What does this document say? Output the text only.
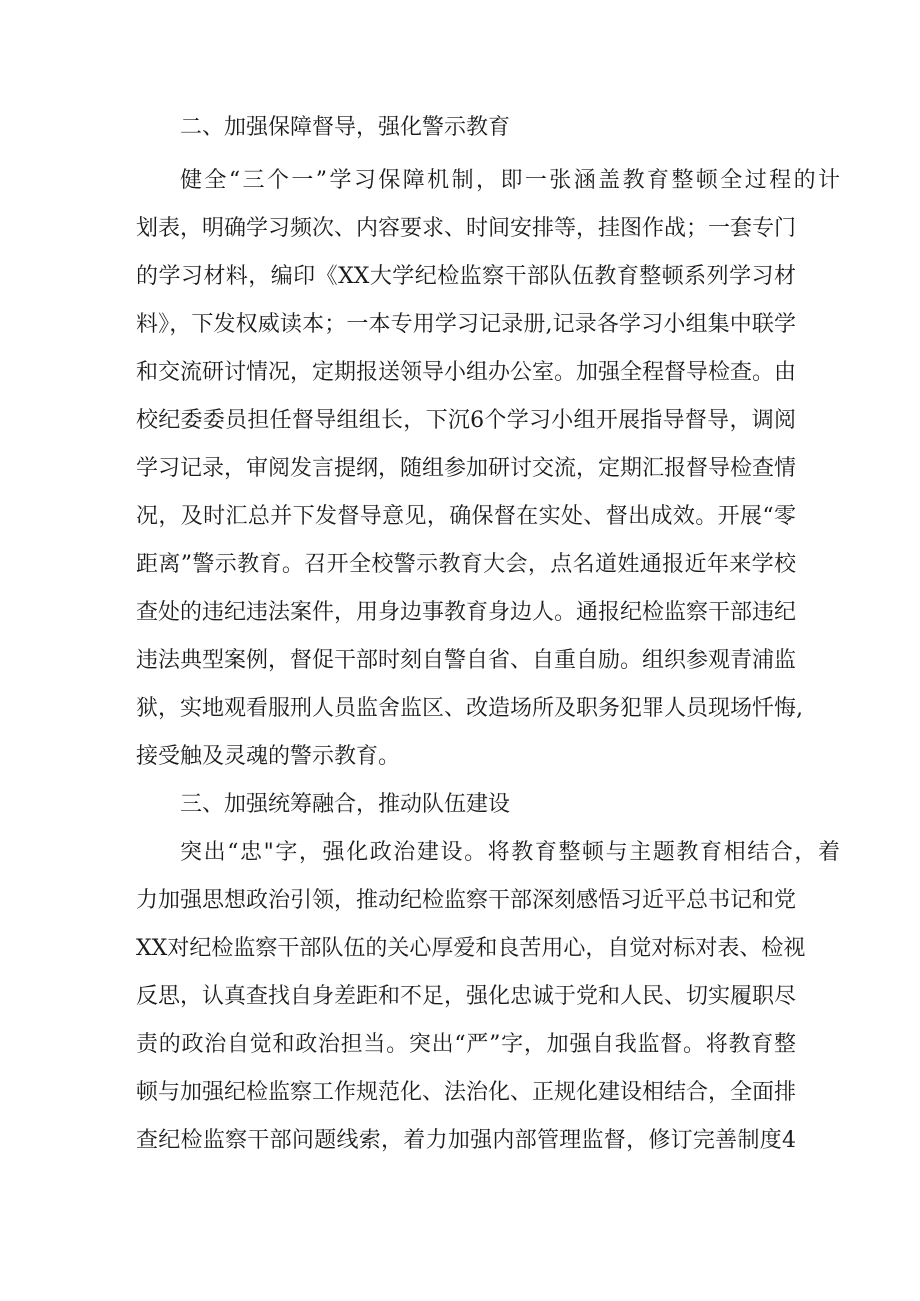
二、加强保障督导，强化警示教育
健全“三个一”学习保障机制，即一张涵盖教育整顿全过程的计
划表，明确学习频次、内容要求、时间安排等，挂图作战；一套专门
的学习材料，编印《XX大学纪检监察干部队伍教育整顿系列学习材
料》，下发权威读本；一本专用学习记录册,记录各学习小组集中联学
和交流研讨情况，定期报送领导小组办公室。加强全程督导检查。由
校纪委委员担任督导组组长，下沉6个学习小组开展指导督导，调阅
学习记录，审阅发言提纲，随组参加研讨交流，定期汇报督导检查情
况，及时汇总并下发督导意见，确保督在实处、督出成效。开展“零
距离”警示教育。召开全校警示教育大会，点名道姓通报近年来学校
查处的违纪违法案件，用身边事教育身边人。通报纪检监察干部违纪
违法典型案例，督促干部时刻自警自省、自重自励。组织参观青浦监
狱，实地观看服刑人员监舍监区、改造场所及职务犯罪人员现场忏悔,
接受触及灵魂的警示教育。
三、加强统筹融合，推动队伍建设
突出“忠"字，强化政治建设。将教育整顿与主题教育相结合，着
力加强思想政治引领，推动纪检监察干部深刻感悟习近平总书记和党
XX对纪检监察干部队伍的关心厚爱和良苦用心，自觉对标对表、检视
反思，认真查找自身差距和不足，强化忠诚于党和人民、切实履职尽
责的政治自觉和政治担当。突出“严”字，加强自我监督。将教育整
顿与加强纪检监察工作规范化、法治化、正规化建设相结合，全面排
查纪检监察干部问题线索，着力加强内部管理监督，修订完善制度4
